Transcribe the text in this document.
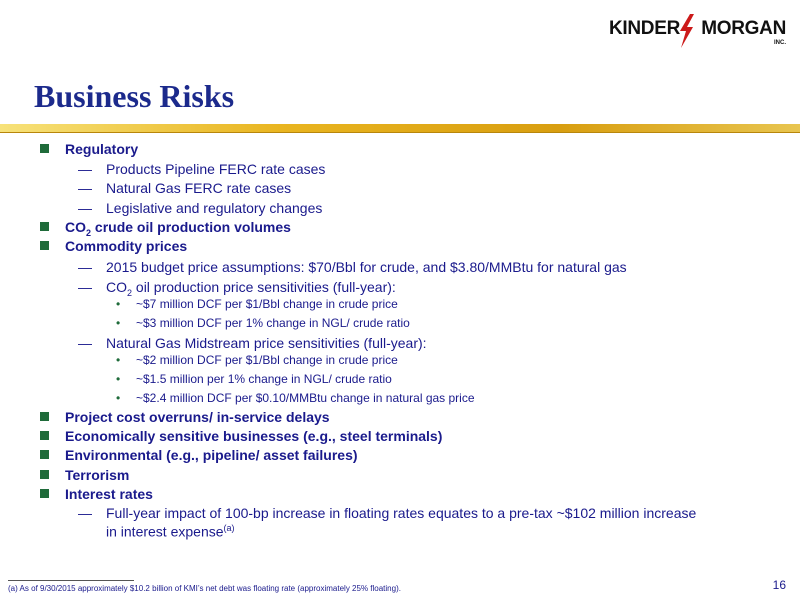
KINDER MORGAN
INC.
Business Risks
Regulatory
— Products Pipeline FERC rate cases
— Natural Gas FERC rate cases
— Legislative and regulatory changes
$CO_2$ crude oil production volumes
Commodity prices
— 2015 budget price assumptions: $70/Bbl for crude, and $3.80/MMBtu for natural gas
— $CO_2$ oil production price sensitivities (full-year):
• ~$7 million DCF per $1/Bbl change in crude price
• ~$3 million DCF per 1% change in NGL/ crude ratio
— Natural Gas Midstream price sensitivities (full-year):
• ~$2 million DCF per $1/Bbl change in crude price
• ~$1.5 million per 1% change in NGL/ crude ratio
• ~$2.4 million DCF per $0.10/MMBtu change in natural gas price
Project cost overruns/ in-service delays
Economically sensitive businesses (e.g., steel terminals)
Environmental (e.g., pipeline/ asset failures)
Terrorism
Interest rates
— Full-year impact of 100-bp increase in floating rates equates to a pre-tax ~$102 million increase
in interest expense$^{(a)}$
(a) As of 9/30/2015 approximately $10.2 billion of KMI’s net debt was floating rate (approximately 25% floating).	16
